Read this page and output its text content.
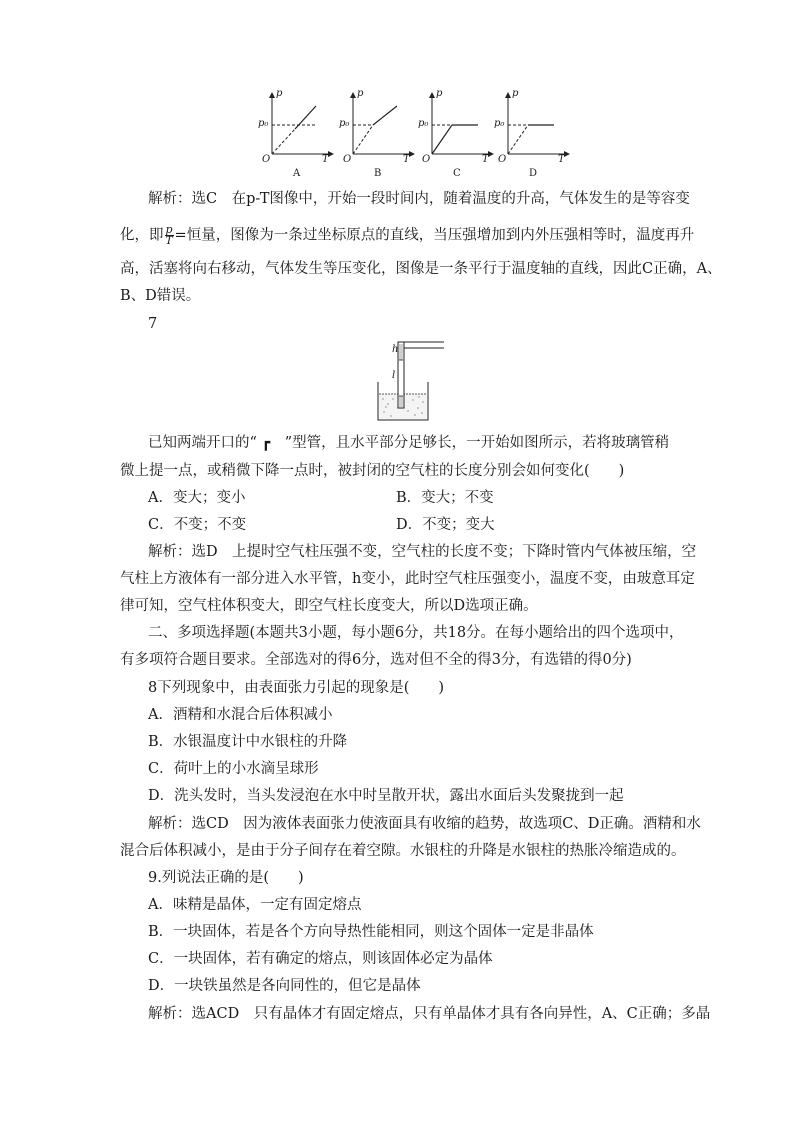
p
p₀
O	T
A
p
p₀
O	T
B
p
p₀
O	T
C
p
p₀
O	T
D
解析：选C　在p-T图像中，开始一段时间内，随着温度的升高，气体发生的是等容变
化，即 $\frac{p}{T}$ =恒量，图像为一条过坐标原点的直线，当压强增加到内外压强相等时，温度再升
高，活塞将向右移动，气体发生等压变化，图像是一条平行于温度轴的直线，因此C正确，A、
B、D错误。
7
h
l
已知两端开口的“ ┏　”型管，且水平部分足够长，一开始如图所示，若将玻璃管稍
微上提一点，或稍微下降一点时，被封闭的空气柱的长度分别会如何变化(　　)
A．变大；变小	B．变大；不变
C．不变；不变	D．不变；变大
解析：选D　上提时空气柱压强不变，空气柱的长度不变；下降时管内气体被压缩，空
气柱上方液体有一部分进入水平管，h变小，此时空气柱压强变小，温度不变，由玻意耳定
律可知，空气柱体积变大，即空气柱长度变大，所以D选项正确。
二、多项选择题(本题共3小题，每小题6分，共18分。在每小题给出的四个选项中，
有多项符合题目要求。全部选对的得6分，选对但不全的得3分，有选错的得0分)
8下列现象中，由表面张力引起的现象是(　　)
A．酒精和水混合后体积减小
B．水银温度计中水银柱的升降
C．荷叶上的小水滴呈球形
D．洗头发时，当头发浸泡在水中时呈散开状，露出水面后头发聚拢到一起
解析：选CD　因为液体表面张力使液面具有收缩的趋势，故选项C、D正确。酒精和水
混合后体积减小，是由于分子间存在着空隙。水银柱的升降是水银柱的热胀冷缩造成的。
9.列说法正确的是(　　)
A．味精是晶体，一定有固定熔点
B．一块固体，若是各个方向导热性能相同，则这个固体一定是非晶体
C．一块固体，若有确定的熔点，则该固体必定为晶体
D．一块铁虽然是各向同性的，但它是晶体
解析：选ACD　只有晶体才有固定熔点，只有单晶体才具有各向异性，A、C正确；多晶
